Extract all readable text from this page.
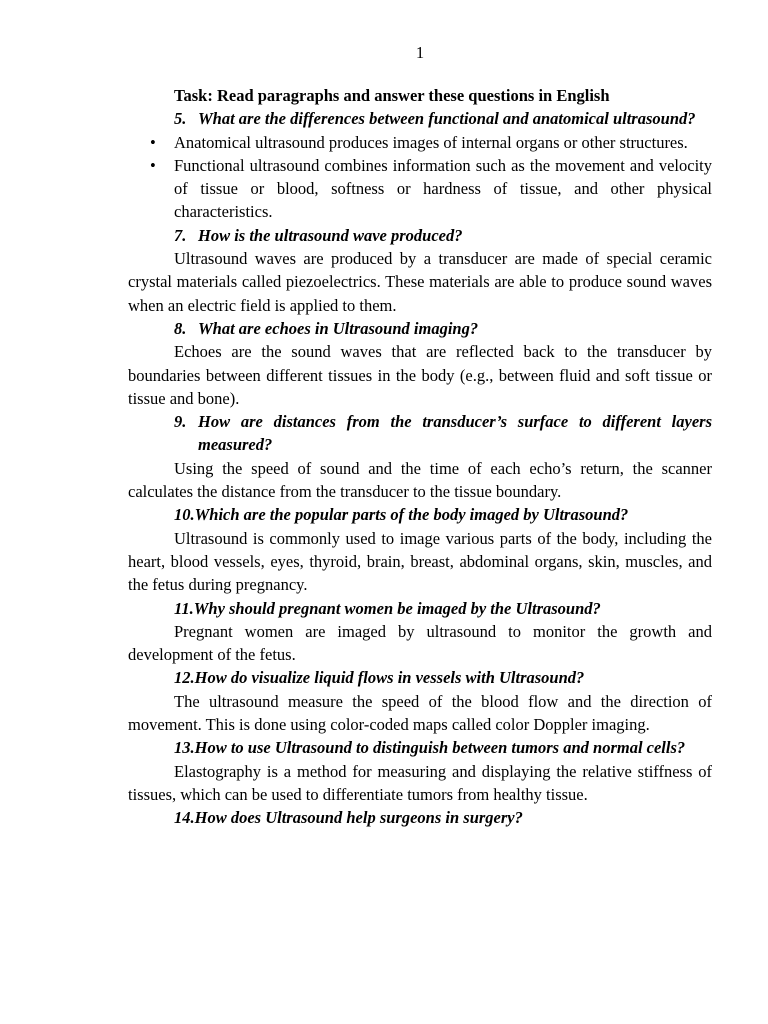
1

Task: Read paragraphs and answer these questions in English

5. What are the differences between functional and anatomical ultrasound?
•	Anatomical ultrasound produces images of internal organs or other structures.
•	Functional ultrasound combines information such as the movement and velocity of tissue or blood, softness or hardness of tissue, and other physical characteristics.
7. How is the ultrasound wave produced?

Ultrasound waves are produced by a transducer are made of special ceramic crystal materials called piezoelectrics. These materials are able to produce sound waves when an electric field is applied to them.

8. What are echoes in Ultrasound imaging?

Echoes are the sound waves that are reflected back to the transducer by boundaries between different tissues in the body (e.g., between fluid and soft tissue or tissue and bone).

9. How are distances from the transducer’s surface to different layers measured?

Using the speed of sound and the time of each echo’s return, the scanner calculates the distance from the transducer to the tissue boundary.

10. Which are the popular parts of the body imaged by Ultrasound?

Ultrasound is commonly used to image various parts of the body, including the heart, blood vessels, eyes, thyroid, brain, breast, abdominal organs, skin, muscles, and the fetus during pregnancy.

11. Why should pregnant women be imaged by the Ultrasound?

Pregnant women are imaged by ultrasound to monitor the growth and development of the fetus.

12. How do visualize liquid flows in vessels with Ultrasound?

The ultrasound measure the speed of the blood flow and the direction of movement. This is done using color-coded maps called color Doppler imaging.

13. How to use Ultrasound to distinguish between tumors and normal cells?

Elastography is a method for measuring and displaying the relative stiffness of tissues, which can be used to differentiate tumors from healthy tissue.

14. How does Ultrasound help surgeons in surgery?
